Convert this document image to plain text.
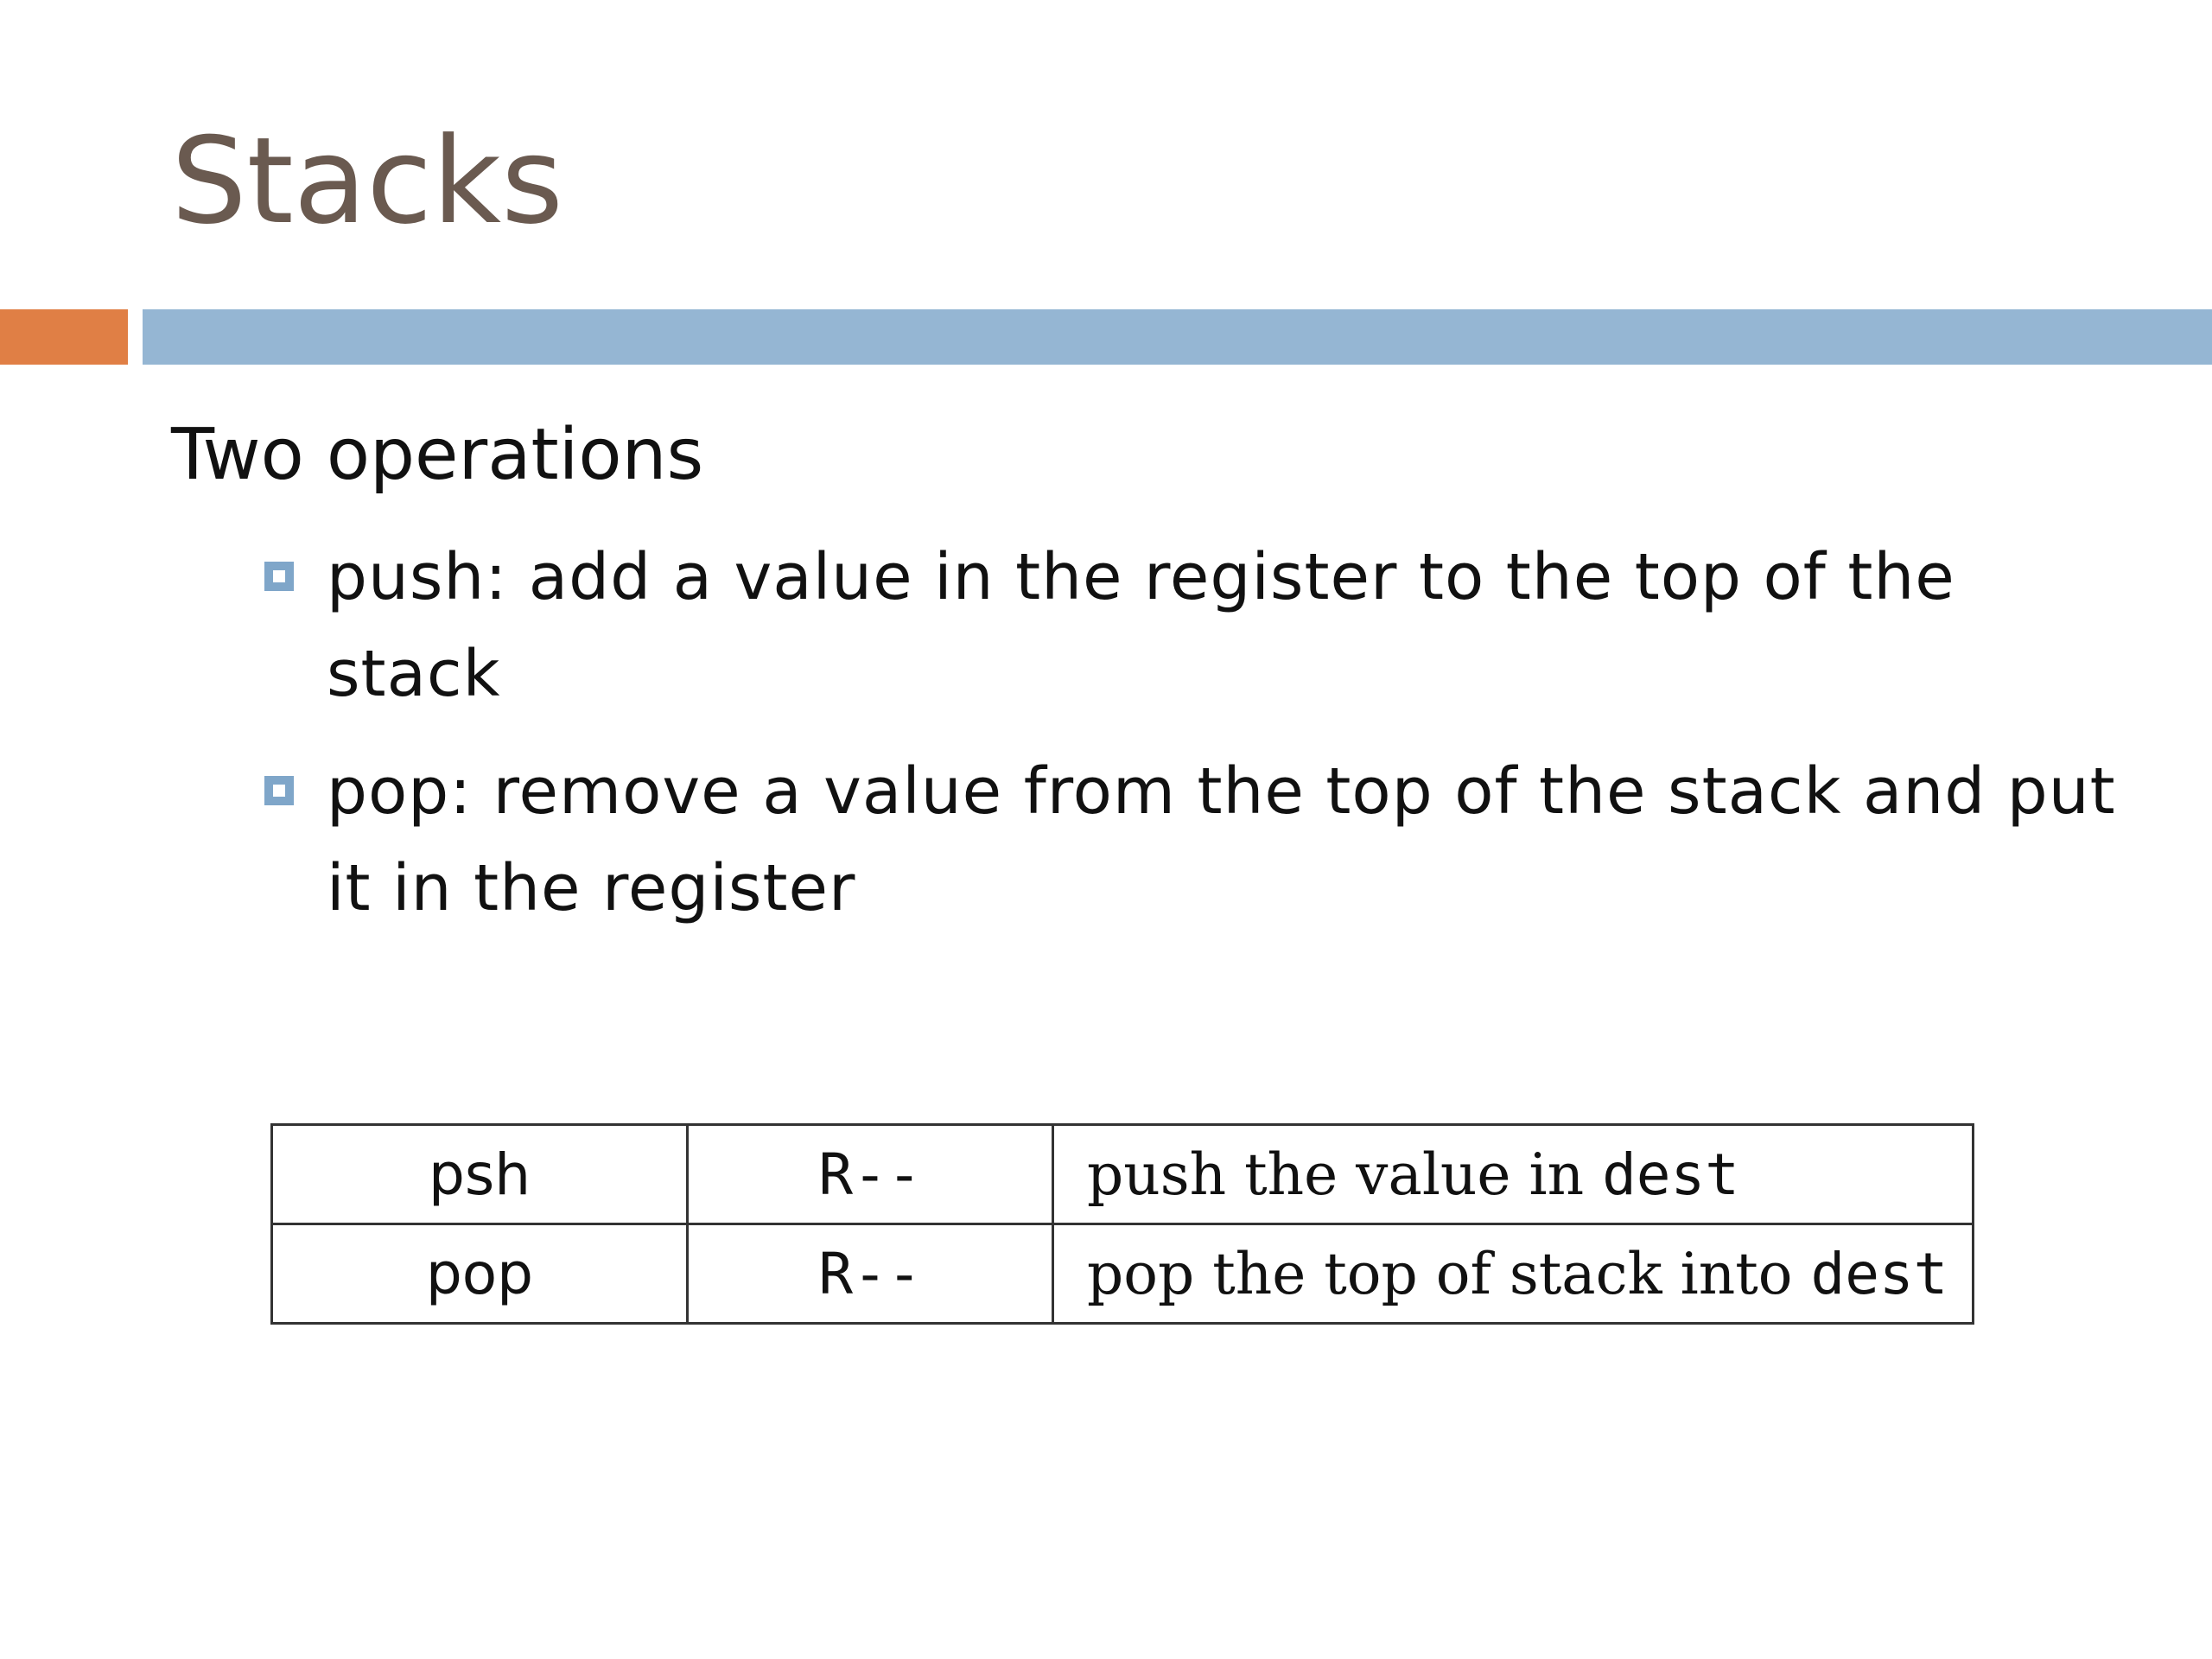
Stacks
Two operations
push: add a value in the register to the top of the stack
pop: remove a value from the top of the stack and put it in the register
psh	R--	push the value in dest
pop	R--	pop the top of stack into dest
